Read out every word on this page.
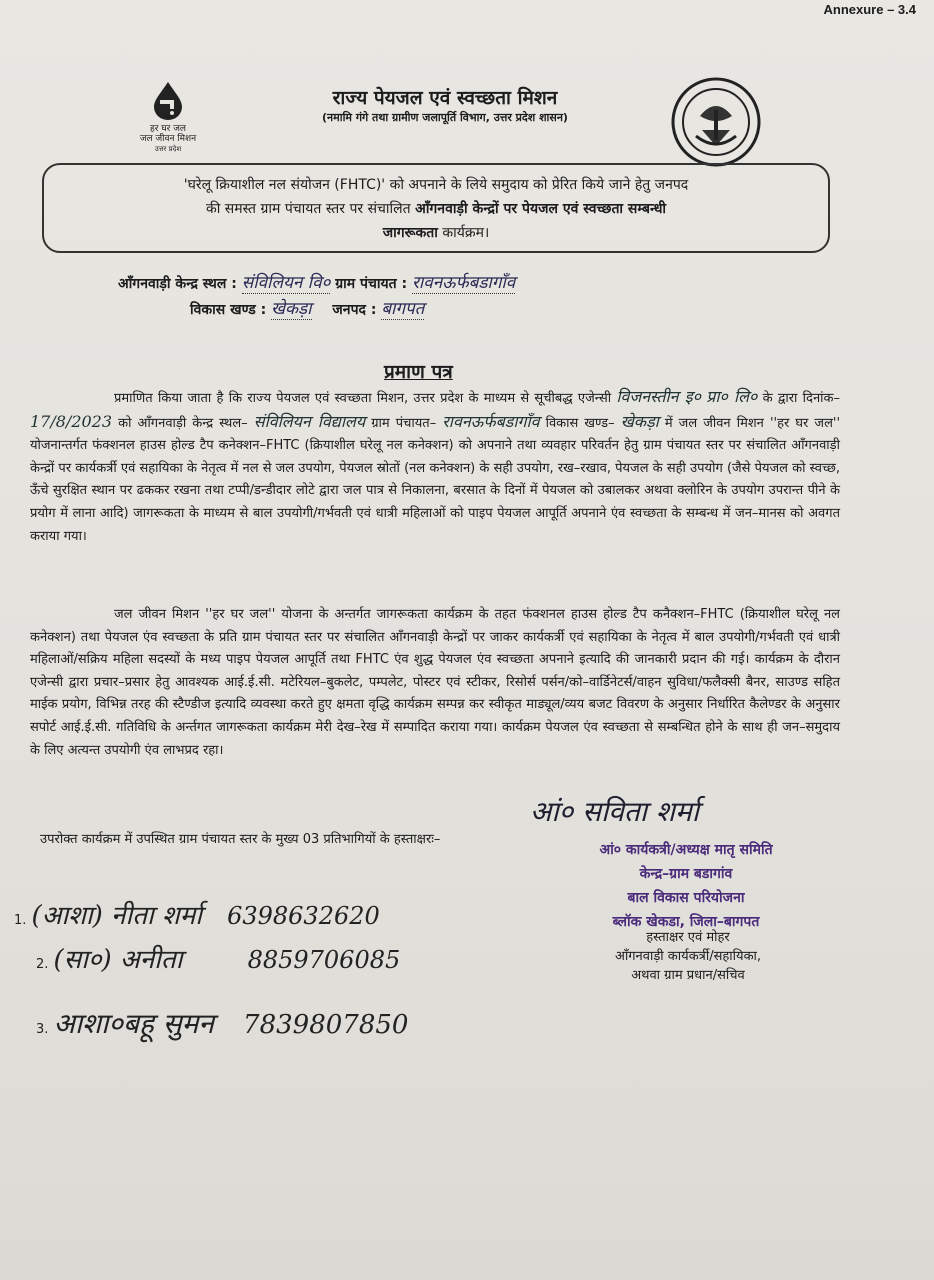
Annexure – 3.4
हर घर जल
जल जीवन मिशन
उत्तर प्रदेश
राज्य पेयजल एवं स्वच्छता मिशन
(नमामि गंगे तथा ग्रामीण जलापूर्ति विभाग, उत्तर प्रदेश शासन)
'घरेलू क्रियाशील नल संयोजन (FHTC)' को अपनाने के लिये समुदाय को प्रेरित किये जाने हेतु जनपद
की समस्त ग्राम पंचायत स्तर पर संचालित आँगनवाड़ी केन्द्रों पर पेयजल एवं स्वच्छता सम्बन्धी
जागरूकता कार्यक्रम।
आँगनवाड़ी केन्द्र स्थल : संविलियन वि० ग्राम पंचायत : रावनऊर्फबडागाँव
विकास खण्ड : खेकड़ा जनपद : बागपत
प्रमाण पत्र
प्रमाणित किया जाता है कि राज्य पेयजल एवं स्वच्छता मिशन, उत्तर प्रदेश के माध्यम से सूचीबद्ध एजेन्सी विजनस्तीन इ० प्रा० लि० के द्वारा दिनांक– 17/8/2023 को आँगनवाड़ी केन्द्र स्थल– संविलियन विद्यालय ग्राम पंचायत– रावनऊर्फबडागाँव विकास खण्ड– खेकड़ा में जल जीवन मिशन ''हर घर जल'' योजनान्तर्गत फंक्शनल हाउस होल्ड टैप कनेक्शन–FHTC (क्रियाशील घरेलू नल कनेक्शन) को अपनाने तथा व्यवहार परिवर्तन हेतु ग्राम पंचायत स्तर पर संचालित आँगनवाड़ी केन्द्रों पर कार्यकर्त्री एवं सहायिका के नेतृत्व में नल से जल उपयोग, पेयजल स्रोतों (नल कनेक्शन) के सही उपयोग, रख–रखाव, पेयजल के सही उपयोग (जैसे पेयजल को स्वच्छ, ऊँचे सुरक्षित स्थान पर ढककर रखना तथा टप्पी/डन्डीदार लोटे द्वारा जल पात्र से निकालना, बरसात के दिनों में पेयजल को उबालकर अथवा क्लोरिन के उपयोग उपरान्त पीने के प्रयोग में लाना आदि) जागरूकता के माध्यम से बाल उपयोगी/गर्भवती एवं धात्री महिलाओं को पाइप पेयजल आपूर्ति अपनाने एंव स्वच्छता के सम्बन्ध में जन–मानस को अवगत कराया गया।
जल जीवन मिशन ''हर घर जल'' योजना के अन्तर्गत जागरूकता कार्यक्रम के तहत फंक्शनल हाउस होल्ड टैप कनैक्शन–FHTC (क्रियाशील घरेलू नल कनेक्शन) तथा पेयजल एंव स्वच्छता के प्रति ग्राम पंचायत स्तर पर संचालित आँगनवाड़ी केन्द्रों पर जाकर कार्यकर्त्री एवं सहायिका के नेतृत्व में बाल उपयोगी/गर्भवती एवं धात्री महिलाओं/सक्रिय महिला सदस्यों के मध्य पाइप पेयजल आपूर्ति तथा FHTC एंव शुद्ध पेयजल एंव स्वच्छता अपनाने इत्यादि की जानकारी प्रदान की गई। कार्यक्रम के दौरान एजेन्सी द्वारा प्रचार–प्रसार हेतु आवश्यक आई.ई.सी. मटेरियल–बुकलेट, पम्पलेट, पोस्टर एवं स्टीकर, रिसोर्स पर्सन/को–वार्डिनेटर्स/वाहन सुविधा/फलैक्सी बैनर, साउण्ड सहित माईक प्रयोग, विभिन्न तरह की स्टैण्डीज इत्यादि व्यवस्था करते हुए क्षमता वृद्धि कार्यक्रम सम्पन्न कर स्वीकृत माड्यूल/व्यय बजट विवरण के अनुसार निर्धारित कैलेण्डर के अनुसार सपोर्ट आई.ई.सी. गतिविधि के अर्न्तगत जागरूकता कार्यक्रम मेरी देख–रेख में सम्पादित कराया गया। कार्यक्रम पेयजल एंव स्वच्छता से सम्बन्धित होने के साथ ही जन–समुदाय के लिए अत्यन्त उपयोगी एंव लाभप्रद रहा।
उपरोक्त कार्यक्रम में उपस्थित ग्राम पंचायत स्तर के मुख्य 03 प्रतिभागियों के हस्ताक्षरः–
आं० सविता शर्मा
आं० कार्यकत्री/अध्यक्ष मातृ समिति
केन्द्र–ग्राम बडागांव
बाल विकास परियोजना
ब्लॉक खेकडा, जिला–बागपत
हस्ताक्षर एवं मोहर
आँगनवाड़ी कार्यकर्त्री/सहायिका,
अथवा ग्राम प्रधान/सचिव
1. (आशा) नीता शर्मा 6398632620
2. (सा०) अनीता	8859706085
3. आशा०बहू सुमन 7839807850
